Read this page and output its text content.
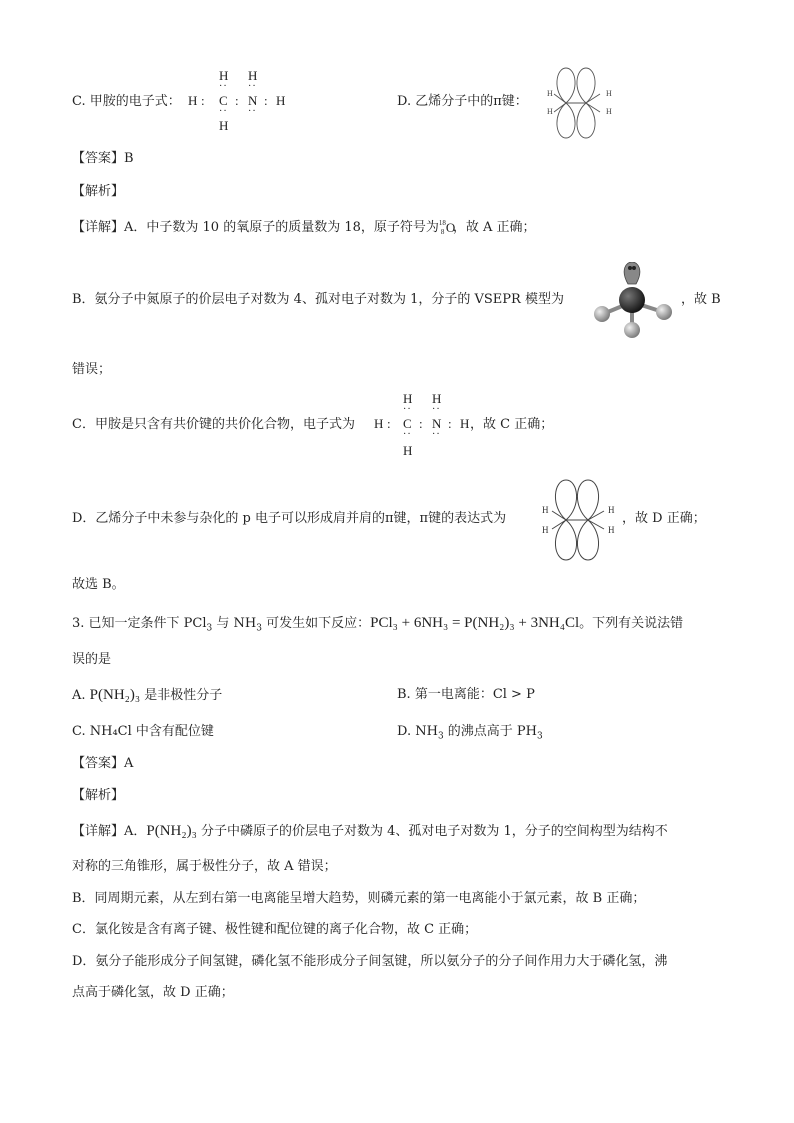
C. 甲胺的电子式： H :
H
··
C
··
H
:
H
··
N
··
: H	D. 乙烯分子中的π键：
H
H
H
H
【答案】B
【解析】
【详解】A．中子数为 10 的氧原子的质量数为 18，原子符号为 18
8 O
，故 A 正确；
B．氨分子中氮原子的价层电子对数为 4、孤对电子对数为 1，分子的 VSEPR 模型为	，故 B
错误；
C．甲胺是只含有共价键的共价化合物，电子式为 H :
H
··
C
··
H
:
H
··
N
··
: H ，故 C 正确；
D．乙烯分子中未参与杂化的 p 电子可以形成肩并肩的π键，π键的表达式为
H
H
H
H
，故 D 正确；
故选 B。
3. 已知一定条件下 PCl$_3$ 与 $NH_3$ 可发生如下反应：PCl₃ + 6NH₃ = P(NH₂)₃ + 3NH₄Cl。下列有关说法错
误的是
A. P(NH₂)₃ 是非极性分子	B. 第一电离能：Cl > P
C. NH₄Cl 中含有配位键	D. $NH_3$ 的沸点高于 $PH_3$
【答案】A
【解析】
【详解】A．P(NH₂)₃ 分子中磷原子的价层电子对数为 4、孤对电子对数为 1，分子的空间构型为结构不
对称的三角锥形，属于极性分子，故 A 错误；
B．同周期元素，从左到右第一电离能呈增大趋势，则磷元素的第一电离能小于氯元素，故 B 正确；
C．氯化铵是含有离子键、极性键和配位键的离子化合物，故 C 正确；
D．氨分子能形成分子间氢键，磷化氢不能形成分子间氢键，所以氨分子的分子间作用力大于磷化氢，沸
点高于磷化氢，故 D 正确；
